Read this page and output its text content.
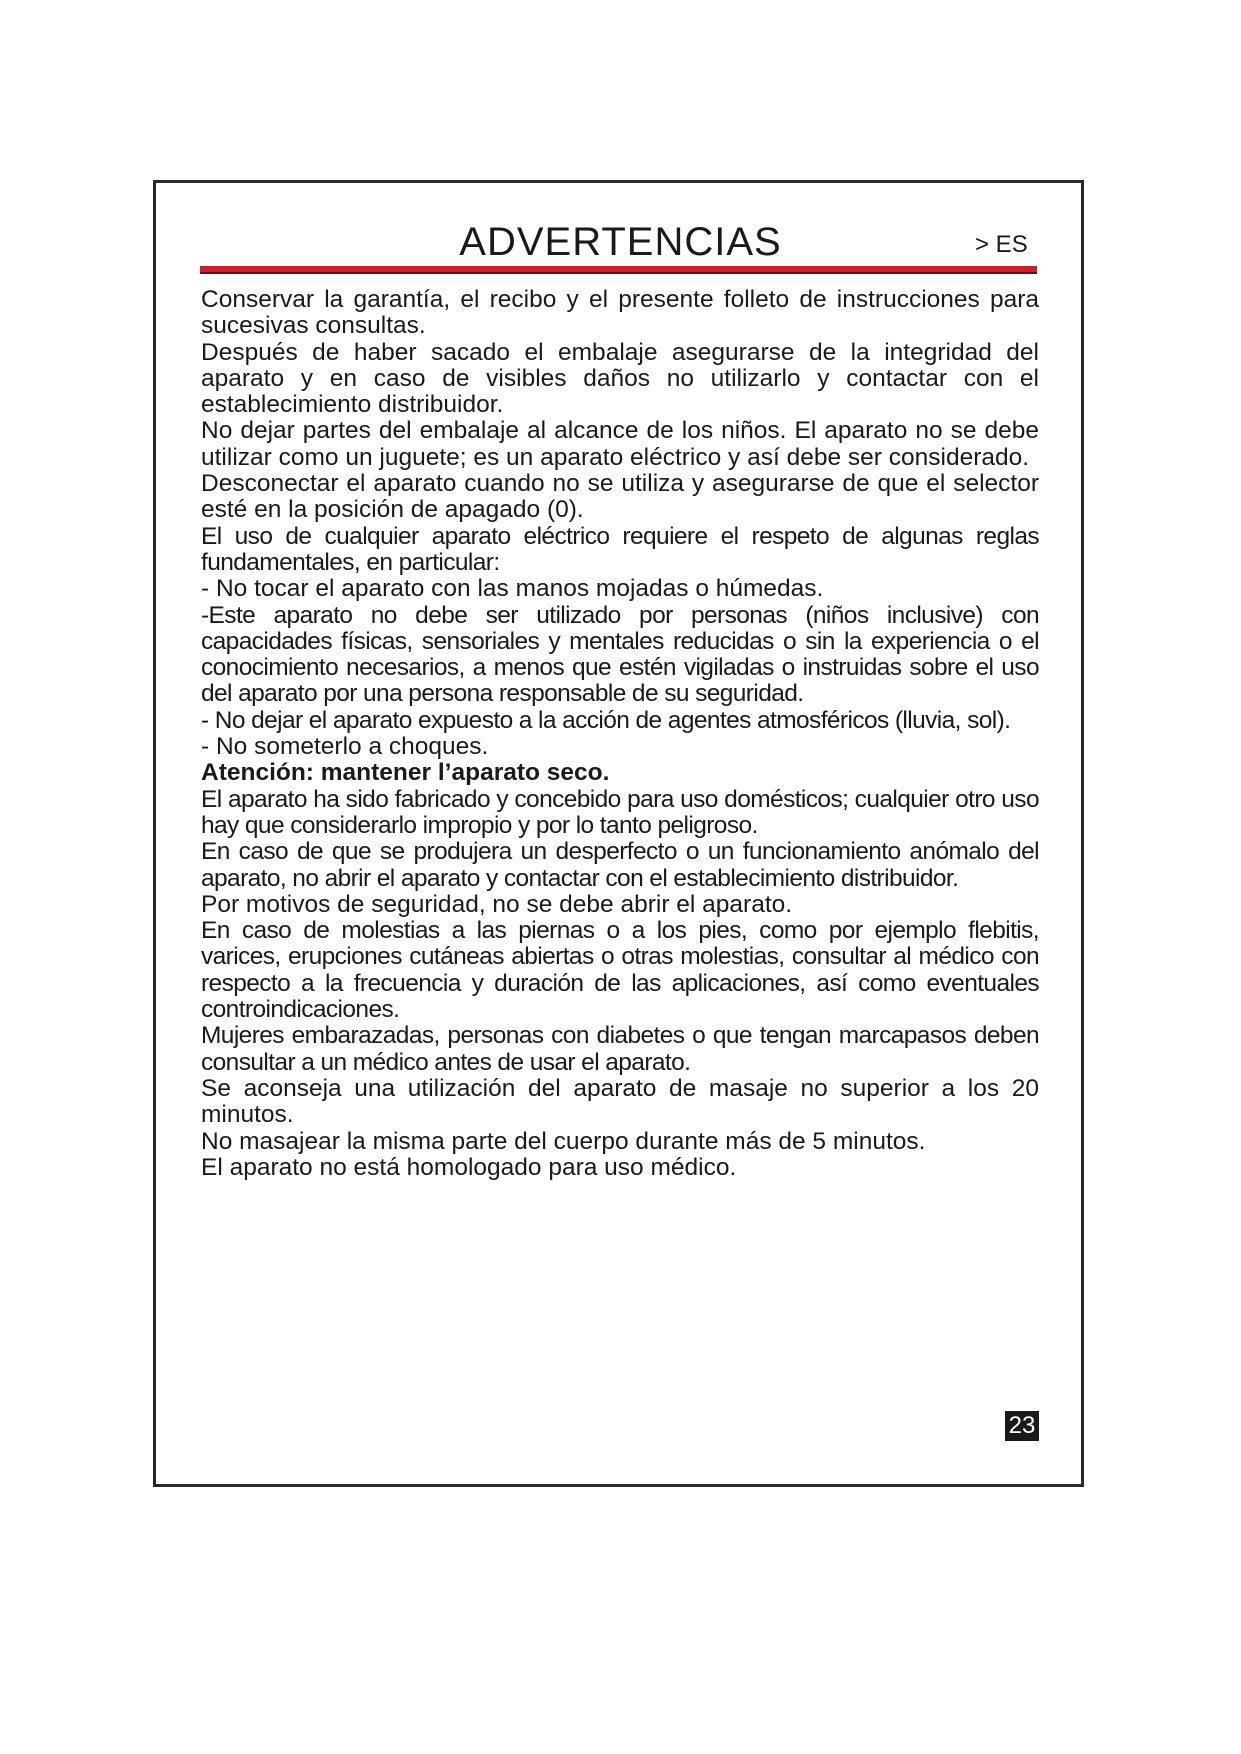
ADVERTENCIAS	> ES

Conservar la garantía, el recibo y el presente folleto de instrucciones para sucesivas consultas.

Después de haber sacado el embalaje asegurarse de la integridad del aparato y en caso de visibles daños no utilizarlo y contactar con el establecimiento distribuidor.

No dejar partes del embalaje al alcance de los niños. El aparato no se debe utilizar como un juguete; es un aparato eléctrico y así debe ser considerado.

Desconectar el aparato cuando no se utiliza y asegurarse de que el selector esté en la posición de apagado (0).

El uso de cualquier aparato eléctrico requiere el respeto de algunas reglas fundamentales, en particular:

- No tocar el aparato con las manos mojadas o húmedas.

-Este aparato no debe ser utilizado por personas (niños inclusive) con capacidades físicas, sensoriales y mentales reducidas o sin la experiencia o el conocimiento necesarios, a menos que estén vigiladas o instruidas sobre el uso del aparato por una persona responsable de su seguridad.

- No dejar el aparato expuesto a la acción de agentes atmosféricos (lluvia, sol).

- No someterlo a choques.

Atención: mantener l’aparato seco.

El aparato ha sido fabricado y concebido para uso domésticos; cualquier otro uso hay que considerarlo impropio y por lo tanto peligroso.

En caso de que se produjera un desperfecto o un funcionamiento anómalo del aparato, no abrir el aparato y contactar con el establecimiento distribuidor.

Por motivos de seguridad, no se debe abrir el aparato.

En caso de molestias a las piernas o a los pies, como por ejemplo flebitis, varices, erupciones cutáneas abiertas o otras molestias, consultar al médico con respecto a la frecuencia y duración de las aplicaciones, así como eventuales controindicaciones.

Mujeres embarazadas, personas con diabetes o que tengan marcapasos deben consultar a un médico antes de usar el aparato.

Se aconseja una utilización del aparato de masaje no superior a los 20 minutos.

No masajear la misma parte del cuerpo durante más de 5 minutos.

El aparato no está homologado para uso médico.

23
